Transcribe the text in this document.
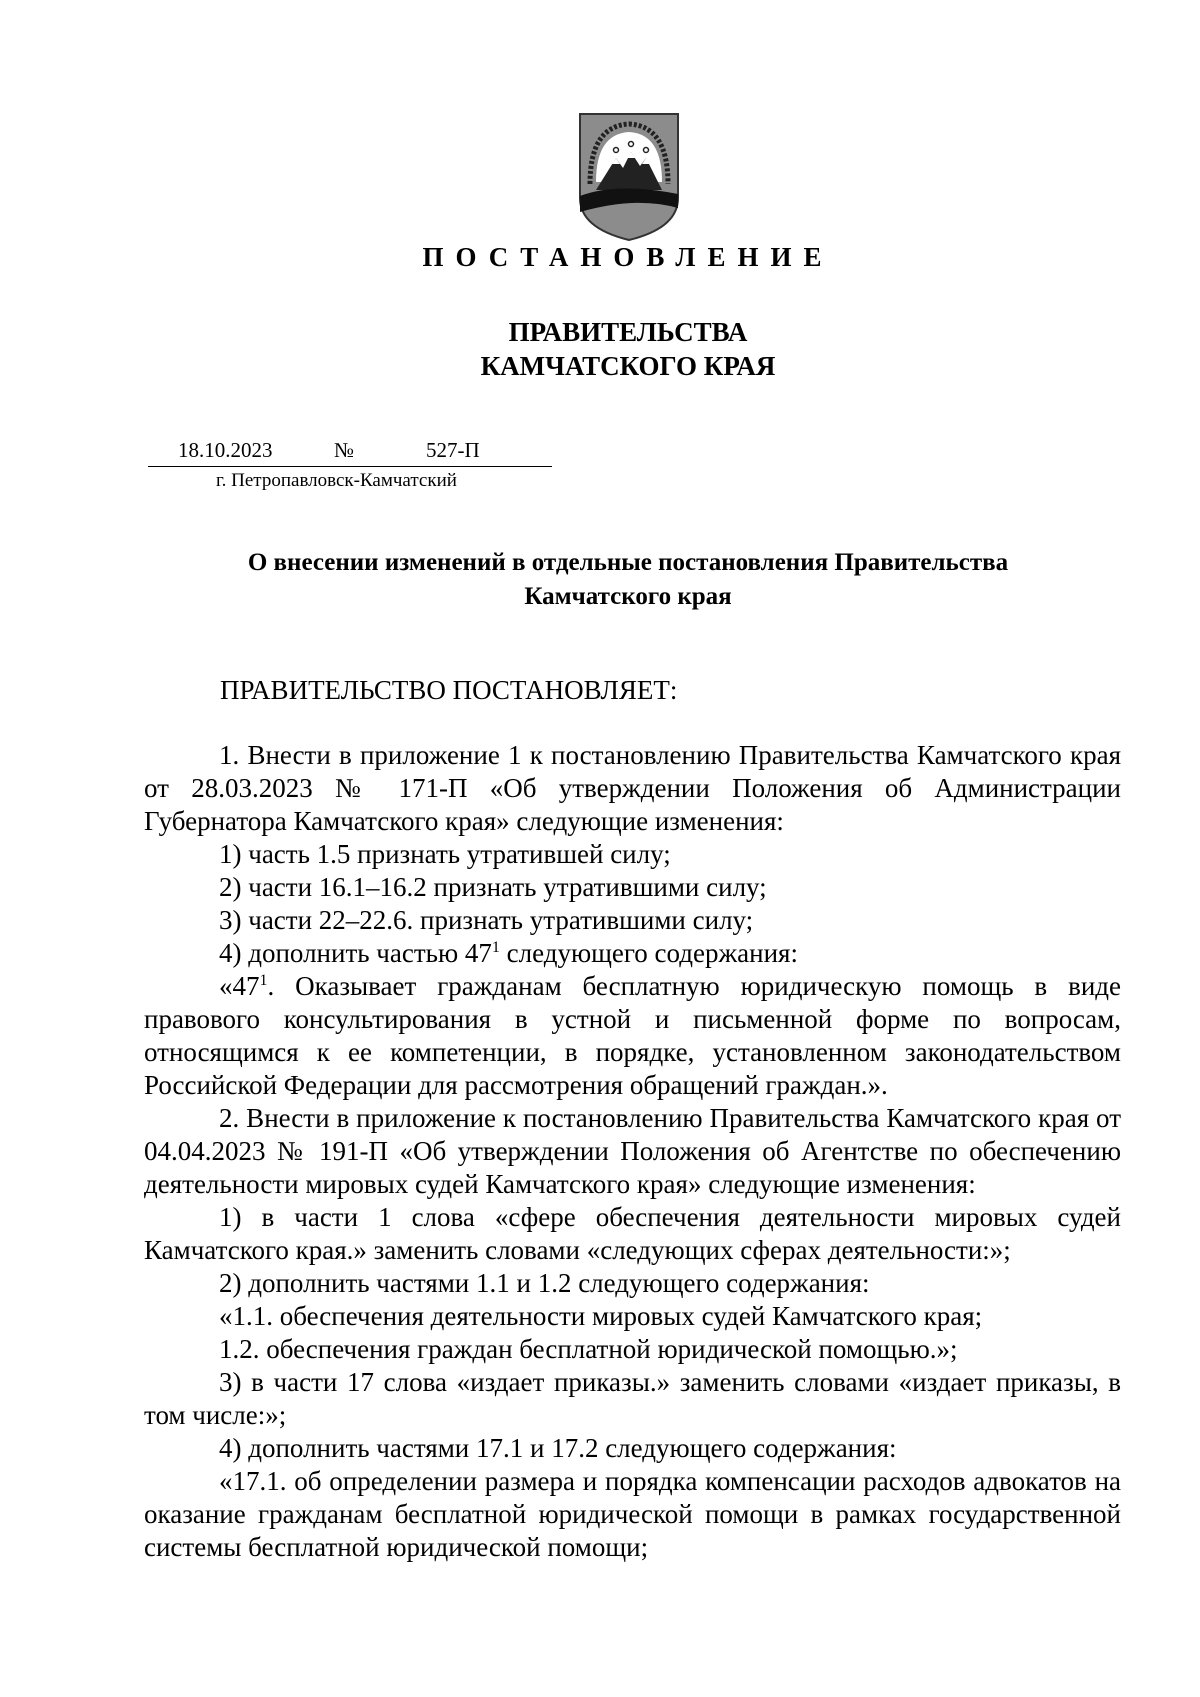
ПОСТАНОВЛЕНИЕ
ПРАВИТЕЛЬСТВА
КАМЧАТСКОГО КРАЯ
18.10.2023	№	527-П
г. Петропавловск-Камчатский
О внесении изменений в отдельные постановления Правительства
Камчатского края
ПРАВИТЕЛЬСТВО ПОСТАНОВЛЯЕТ:

1. Внести в приложение 1 к постановлению Правительства Камчатского края от 28.03.2023 № 171-П «Об утверждении Положения об Администрации Губернатора Камчатского края» следующие изменения:

1) часть 1.5 признать утратившей силу;

2) части 16.1–16.2 признать утратившими силу;

3) части 22–22.6. признать утратившими силу;

4) дополнить частью $47^1$ следующего содержания:

«$47^1$. Оказывает гражданам бесплатную юридическую помощь в виде правового консультирования в устной и письменной форме по вопросам, относящимся к ее компетенции, в порядке, установленном законодательством Российской Федерации для рассмотрения обращений граждан.».

2. Внести в приложение к постановлению Правительства Камчатского края от 04.04.2023 № 191-П «Об утверждении Положения об Агентстве по обеспечению деятельности мировых судей Камчатского края» следующие изменения:

1) в части 1 слова «сфере обеспечения деятельности мировых судей Камчатского края.» заменить словами «следующих сферах деятельности:»;

2) дополнить частями 1.1 и 1.2 следующего содержания:

«1.1. обеспечения деятельности мировых судей Камчатского края;

1.2. обеспечения граждан бесплатной юридической помощью.»;

3) в части 17 слова «издает приказы.» заменить словами «издает приказы, в том числе:»;

4) дополнить частями 17.1 и 17.2 следующего содержания:

«17.1. об определении размера и порядка компенсации расходов адвокатов на оказание гражданам бесплатной юридической помощи в рамках государственной системы бесплатной юридической помощи;
